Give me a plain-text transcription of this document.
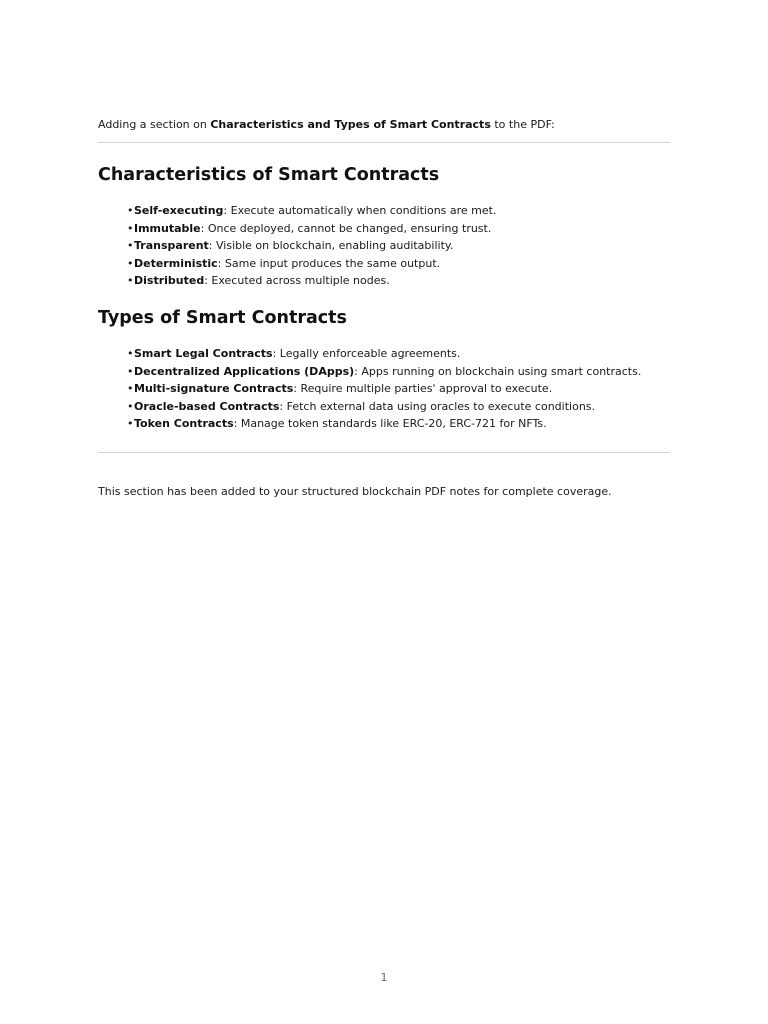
Adding a section on Characteristics and Types of Smart Contracts to the PDF:

Characteristics of Smart Contracts
•Self-executing: Execute automatically when conditions are met.
•Immutable: Once deployed, cannot be changed, ensuring trust.
•Transparent: Visible on blockchain, enabling auditability.
•Deterministic: Same input produces the same output.
•Distributed: Executed across multiple nodes.
Types of Smart Contracts
•Smart Legal Contracts: Legally enforceable agreements.
•Decentralized Applications (DApps): Apps running on blockchain using smart contracts.
•Multi-signature Contracts: Require multiple parties' approval to execute.
•Oracle-based Contracts: Fetch external data using oracles to execute conditions.
•Token Contracts: Manage token standards like ERC-20, ERC-721 for NFTs.

This section has been added to your structured blockchain PDF notes for complete coverage.

1
